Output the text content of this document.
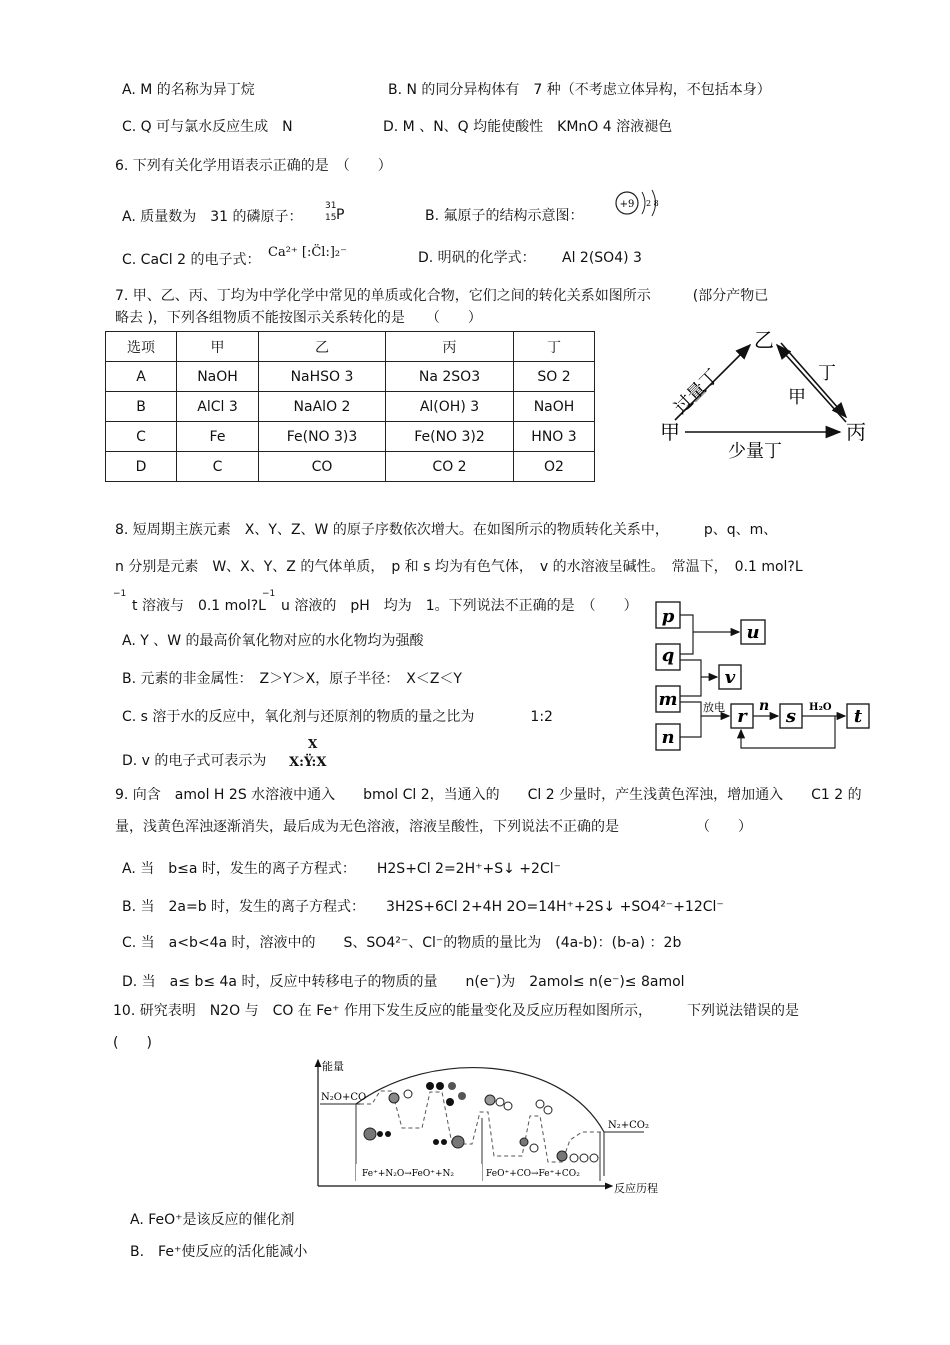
A. M 的名称为异丁烷	B. N 的同分异构体有　7 种（不考虑立体异构，不包括本身）
C. Q 可与氯水反应生成　N	D. M 、N、Q 均能使酸性　KMnO 4 溶液褪色
6. 下列有关化学用语表示正确的是　（　　）
A. 质量数为　31 的磷原子：
31
15 P	B. 氟原子的结构示意图：
+9 2 8
C. CaCl 2 的电子式： Ca²⁺ [:C̈l:]₂⁻	D. 明矾的化学式： Al 2(SO4) 3
7. 甲、乙、丙、丁均为中学化学中常见的单质或化合物，它们之间的转化关系如图所示　　　(部分产物已
略去 )，下列各组物质不能按图示关系转化的是　　（　　）
选项	甲	乙	丙	丁
A	NaOH	NaHSO 3	Na 2SO3	SO 2
B	AlCl 3	NaAlO 2	Al(OH) 3	NaOH
C	Fe	Fe(NO 3)3	Fe(NO 3)2	HNO 3
D	C	CO	CO 2	O2
甲
乙
丙
过量丁	丁
甲
少量丁
8. 短周期主族元素　X、Y、Z、W 的原子序数依次增大。在如图所示的物质转化关系中，　　　p、q、m、
n 分别是元素　W、X、Y、Z 的气体单质，　p 和 s 均为有色气体，　v 的水溶液呈碱性。　常温下，　0.1 mol?L
−1
t 溶液与　0.1 mol?L
−1
u 溶液的　pH　均为　1。下列说法不正确的是　（　　）
A. Y 、W 的最高价氧化物对应的水化物均为强酸
B. 元素的非金属性：　Z＞Y＞X，原子半径：　X＜Z＜Y
C. s 溶于水的反应中，氧化剂与还原剂的物质的量之比为　　　　1:2
D. v 的电子式可表示为
X
X:Ÿ:X
p
q
m
n
u
v
r s	t
放电 n	H₂O
9. 向含　amol H 2S 水溶液中通入　　bmol Cl 2，当通入的　　Cl 2 少量时，产生浅黄色浑浊，增加通入　　C1 2 的
量，浅黄色浑浊逐渐消失，最后成为无色溶液，溶液呈酸性，下列说法不正确的是　　　　　　（　　）
A. 当　b≤a 时，发生的离子方程式：　　H2S+Cl 2=2H⁺+S↓ +2Cl⁻
B. 当　2a=b 时，发生的离子方程式：　　3H2S+6Cl 2+4H 2O=14H⁺+2S↓ +SO4²⁻+12Cl⁻
C. 当　a<b<4a 时，溶液中的　　S、SO4²⁻、Cl⁻的物质的量比为　(4a-b)：(b-a) ：2b
D. 当　a≤ b≤ 4a 时，反应中转移电子的物质的量　　n(e⁻)为　2amol≤ n(e⁻)≤ 8amol
10. 研究表明　N2O 与　CO 在 Fe⁺ 作用下发生反应的能量变化及反应历程如图所示，　　　下列说法错误的是
(　　)
能量
反应历程
N₂O+CO
N₂+CO₂
Fe⁺+N₂O→FeO⁺+N₂	FeO⁺+CO→Fe⁺+CO₂
A. FeO⁺是该反应的催化剂
B.　Fe⁺使反应的活化能减小
